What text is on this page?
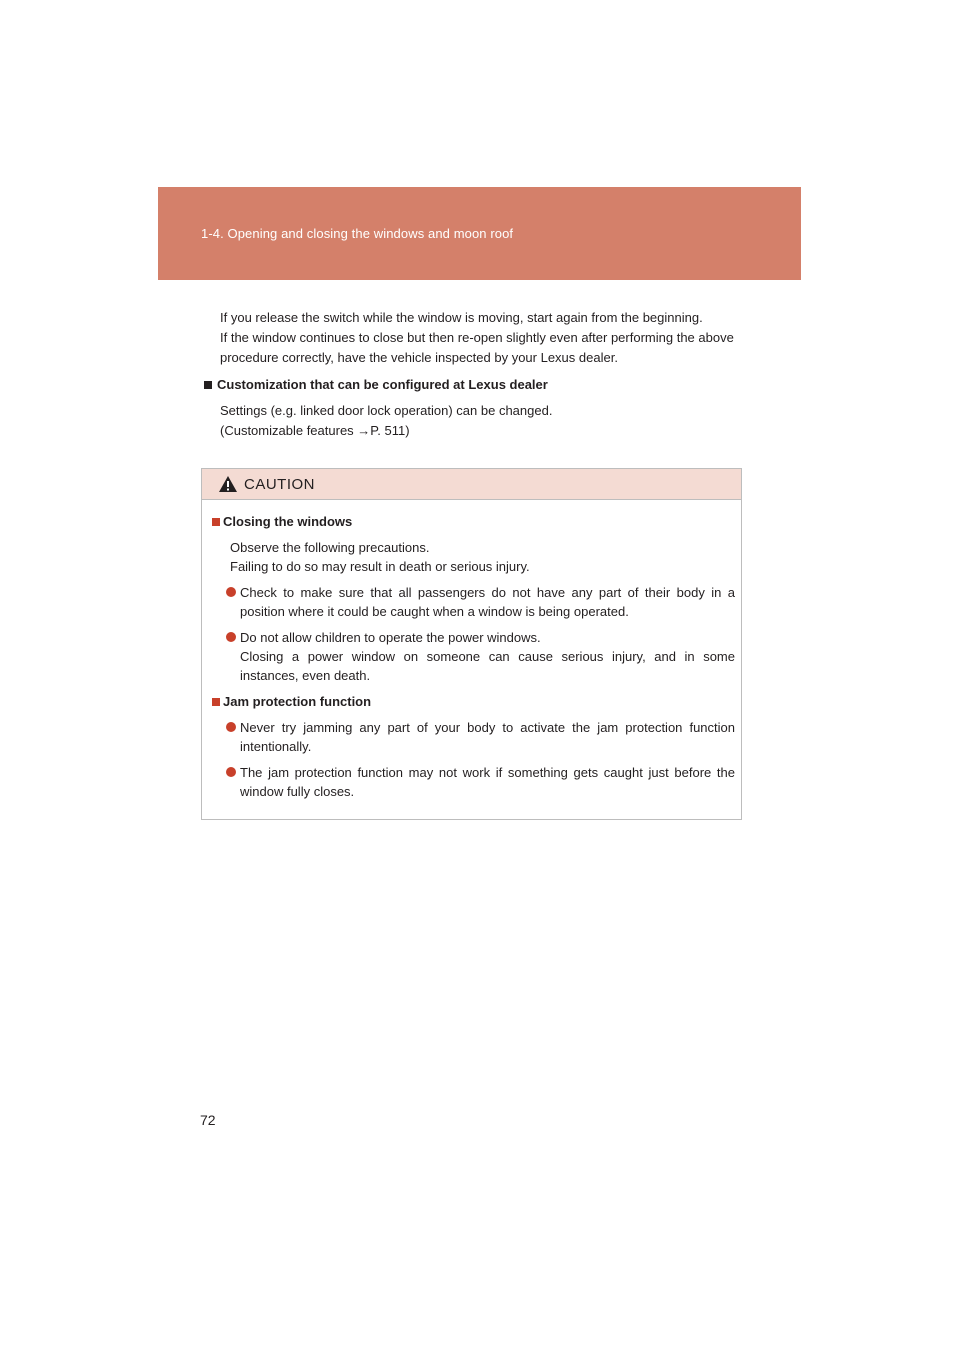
1-4. Opening and closing the windows and moon roof

If you release the switch while the window is moving, start again from the beginning.

If the window continues to close but then re-open slightly even after performing the above procedure correctly, have the vehicle inspected by your Lexus dealer.

Customization that can be configured at Lexus dealer

Settings (e.g. linked door lock operation) can be changed.

(Customizable features →P. 511)

CAUTION
Closing the windows

Observe the following precautions.
Failing to do so may result in death or serious injury.

Check to make sure that all passengers do not have any part of their body in a position where it could be caught when a window is being operated.
Do not allow children to operate the power windows.
Closing a power window on someone can cause serious injury, and in some instances, even death.
Jam protection function
Never try jamming any part of your body to activate the jam protection function intentionally.
The jam protection function may not work if something gets caught just before the window fully closes.
72
